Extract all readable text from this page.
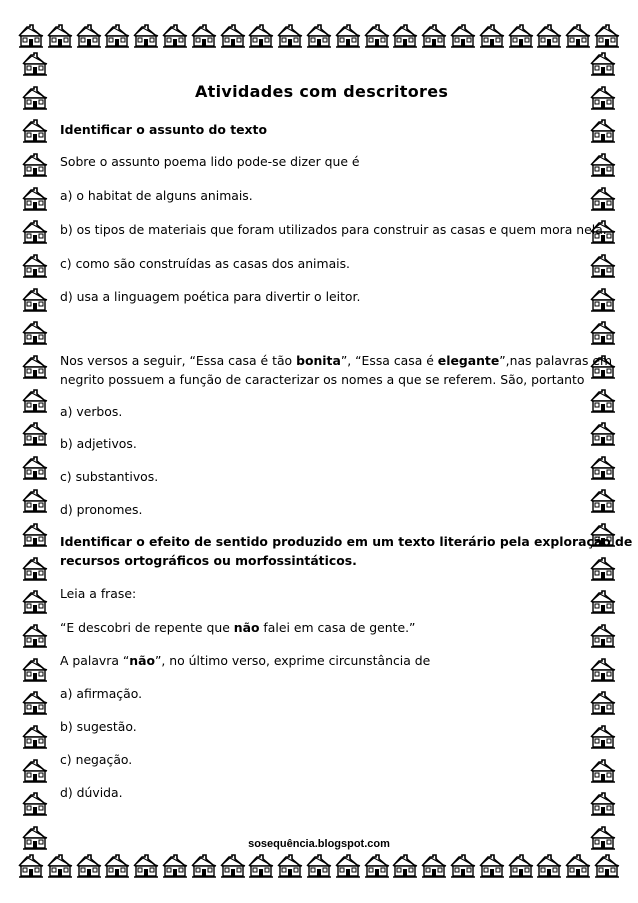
Atividades com descritores
Identificar o assunto do texto
Sobre o assunto poema lido pode-se dizer que é
a) o habitat de alguns animais.
b) os tipos de materiais que foram utilizados para construir as casas e quem mora nela.
c) como são construídas as casas dos animais.
d) usa a linguagem poética para divertir o leitor.
Nos versos a seguir, “Essa casa é tão bonita”, “Essa casa é elegante”,nas palavras em
negrito possuem a função de caracterizar os nomes a que se referem. São, portanto
a) verbos.
b) adjetivos.
c) substantivos.
d) pronomes.
Identificar o efeito de sentido produzido em um texto literário pela exploração de
recursos ortográficos ou morfossintáticos.
Leia a frase:
“E descobri de repente que não falei em casa de gente.”
A palavra “não”, no último verso, exprime circunstância de
a) afirmação.
b) sugestão.
c) negação.
d) dúvida.
sosequência.blogspot.com
